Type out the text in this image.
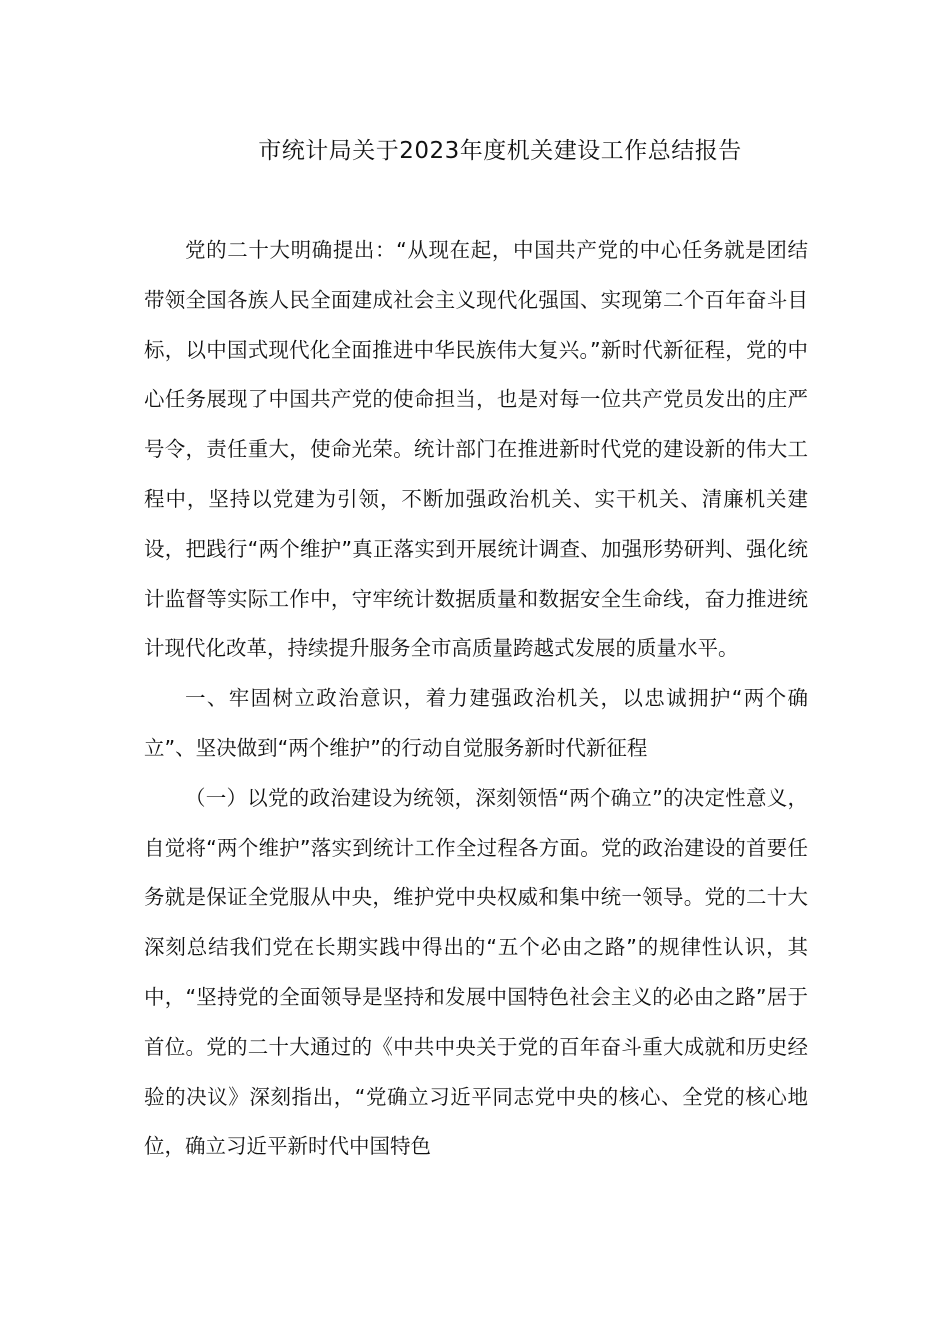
市统计局关于2023年度机关建设工作总结报告

党的二十大明确提出：“从现在起，中国共产党的中心任务就是团结带领全国各族人民全面建成社会主义现代化强国、实现第二个百年奋斗目标，以中国式现代化全面推进中华民族伟大复兴。”新时代新征程，党的中心任务展现了中国共产党的使命担当，也是对每一位共产党员发出的庄严号令，责任重大，使命光荣。统计部门在推进新时代党的建设新的伟大工程中，坚持以党建为引领，不断加强政治机关、实干机关、清廉机关建设，把践行“两个维护”真正落实到开展统计调查、加强形势研判、强化统计监督等实际工作中，守牢统计数据质量和数据安全生命线，奋力推进统计现代化改革，持续提升服务全市高质量跨越式发展的质量水平。

一、牢固树立政治意识，着力建强政治机关，以忠诚拥护“两个确立”、坚决做到“两个维护”的行动自觉服务新时代新征程

（一）以党的政治建设为统领，深刻领悟“两个确立”的决定性意义，自觉将“两个维护”落实到统计工作全过程各方面。党的政治建设的首要任务就是保证全党服从中央，维护党中央权威和集中统一领导。党的二十大深刻总结我们党在长期实践中得出的“五个必由之路”的规律性认识，其中，“坚持党的全面领导是坚持和发展中国特色社会主义的必由之路”居于首位。党的二十大通过的《中共中央关于党的百年奋斗重大成就和历史经验的决议》深刻指出，“党确立习近平同志党中央的核心、全党的核心地位，确立习近平新时代中国特色
